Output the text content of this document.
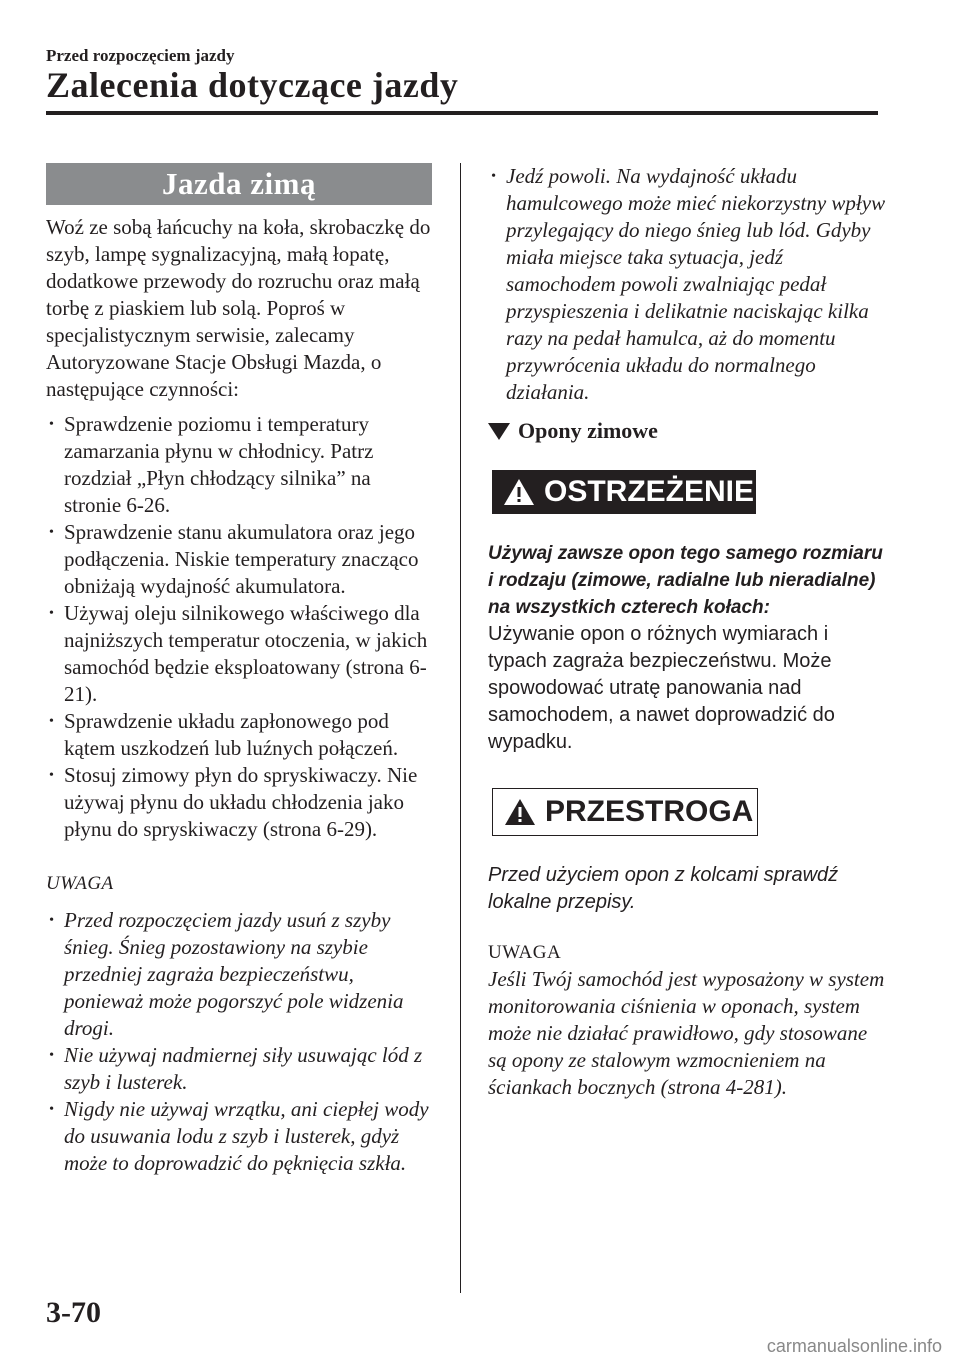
Przed rozpoczęciem jazdy
Zalecenia dotyczące jazdy
Jazda zimą
Woź ze sobą łańcuchy na koła, skrobaczkę do szyb, lampę sygnalizacyjną, małą łopatę, dodatkowe przewody do rozruchu oraz małą torbę z piaskiem lub solą. Poproś w specjalistycznym serwisie, zalecamy Autoryzowane Stacje Obsługi Mazda, o następujące czynności:
• Sprawdzenie poziomu i temperatury zamarzania płynu w chłodnicy. Patrz rozdział „Płyn chłodzący silnika” na stronie 6-26.
• Sprawdzenie stanu akumulatora oraz jego podłączenia. Niskie temperatury znacząco obniżają wydajność akumulatora.
• Używaj oleju silnikowego właściwego dla najniższych temperatur otoczenia, w jakich samochód będzie eksploatowany (strona 6-21).
• Sprawdzenie układu zapłonowego pod kątem uszkodzeń lub luźnych połączeń.
• Stosuj zimowy płyn do spryskiwaczy. Nie używaj płynu do układu chłodzenia jako płynu do spryskiwaczy (strona 6-29).
UWAGA
• Przed rozpoczęciem jazdy usuń z szyby śnieg. Śnieg pozostawiony na szybie przedniej zagraża bezpieczeństwu, ponieważ może pogorszyć pole widzenia drogi.
• Nie używaj nadmiernej siły usuwając lód z szyb i lusterek.
• Nigdy nie używaj wrzątku, ani ciepłej wody do usuwania lodu z szyb i lusterek, gdyż może to doprowadzić do pęknięcia szkła.
• Jedź powoli. Na wydajność układu hamulcowego może mieć niekorzystny wpływ przylegający do niego śnieg lub lód. Gdyby miała miejsce taka sytuacja, jedź samochodem powoli zwalniając pedał przyspieszenia i delikatnie naciskając kilka razy na pedał hamulca, aż do momentu przywrócenia układu do normalnego działania.
Opony zimowe
OSTRZEŻENIE
Używaj zawsze opon tego samego rozmiaru i rodzaju (zimowe, radialne lub nieradialne) na wszystkich czterech kołach:
Używanie opon o różnych wymiarach i typach zagraża bezpieczeństwu. Może spowodować utratę panowania nad samochodem, a nawet doprowadzić do wypadku.
PRZESTROGA
Przed użyciem opon z kolcami sprawdź lokalne przepisy.
UWAGA
Jeśli Twój samochód jest wyposażony w system monitorowania ciśnienia w oponach, system może nie działać prawidłowo, gdy stosowane są opony ze stalowym wzmocnieniem na ściankach bocznych (strona 4-281).
3-70
carmanualsonline.info
